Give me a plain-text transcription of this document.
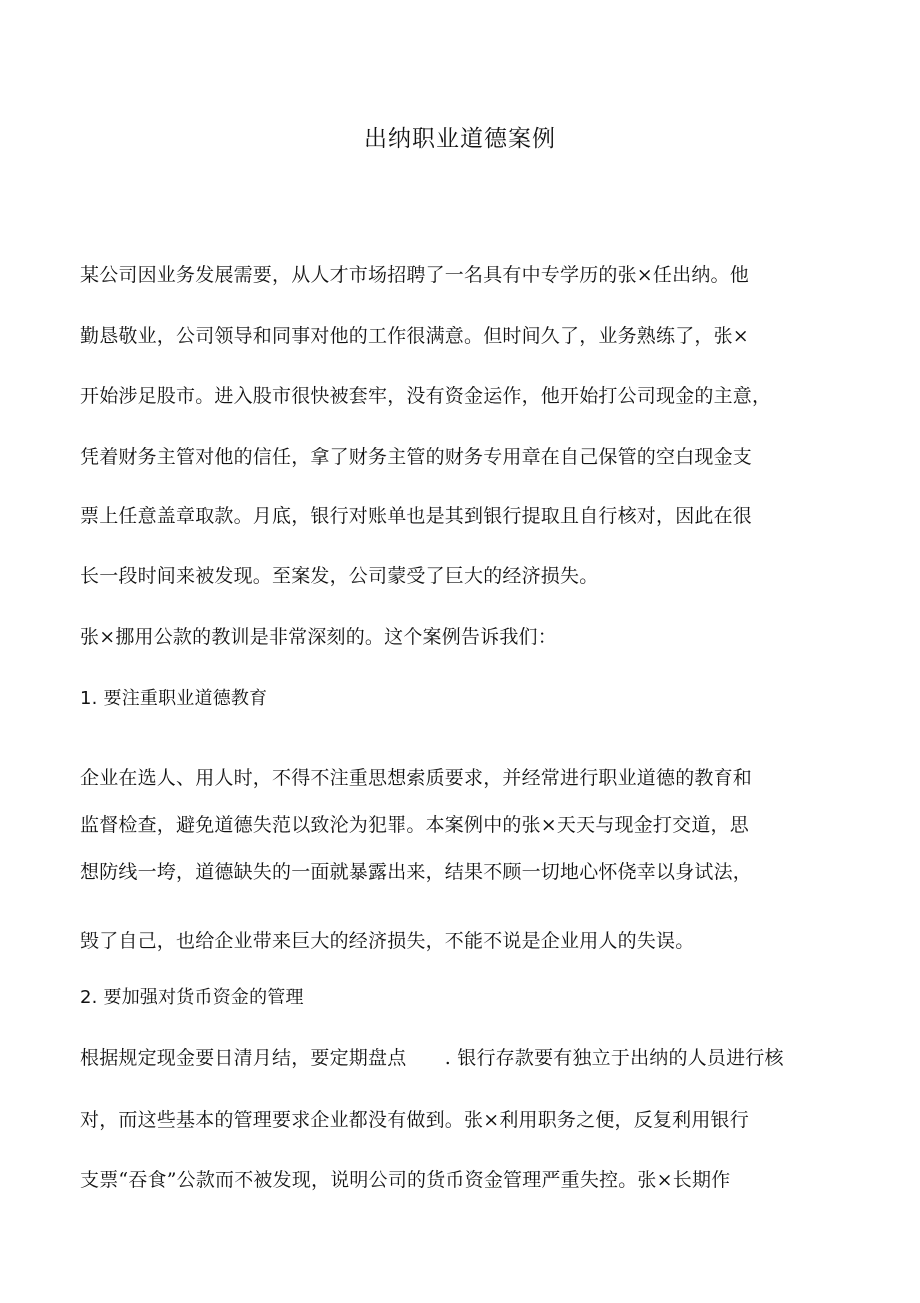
出纳职业道德案例
某公司因业务发展需要，从人才市场招聘了一名具有中专学历的张×任出纳。他
勤恳敬业，公司领导和同事对他的工作很满意。但时间久了，业务熟练了，张×
开始涉足股市。进入股市很快被套牢，没有资金运作，他开始打公司现金的主意，
凭着财务主管对他的信任，拿了财务主管的财务专用章在自己保管的空白现金支
票上任意盖章取款。月底，银行对账单也是其到银行提取且自行核对，因此在很
长一段时间来被发现。至案发，公司蒙受了巨大的经济损失。
张×挪用公款的教训是非常深刻的。这个案例告诉我们：
1. 要注重职业道德教育
企业在选人、用人时，不得不注重思想索质要求，并经常进行职业道德的教育和
监督检查，避免道德失范以致沦为犯罪。本案例中的张×天天与现金打交道，思
想防线一垮，道德缺失的一面就暴露出来，结果不顾一切地心怀侥幸以身试法，
毁了自己，也给企业带来巨大的经济损失，不能不说是企业用人的失误。
2. 要加强对货币资金的管理
根据规定现金要日清月结，要定期盘点　　. 银行存款要有独立于出纳的人员进行核
对，而这些基本的管理要求企业都没有做到。张×利用职务之便，反复利用银行
支票“吞食”公款而不被发现，说明公司的货币资金管理严重失控。张×长期作
